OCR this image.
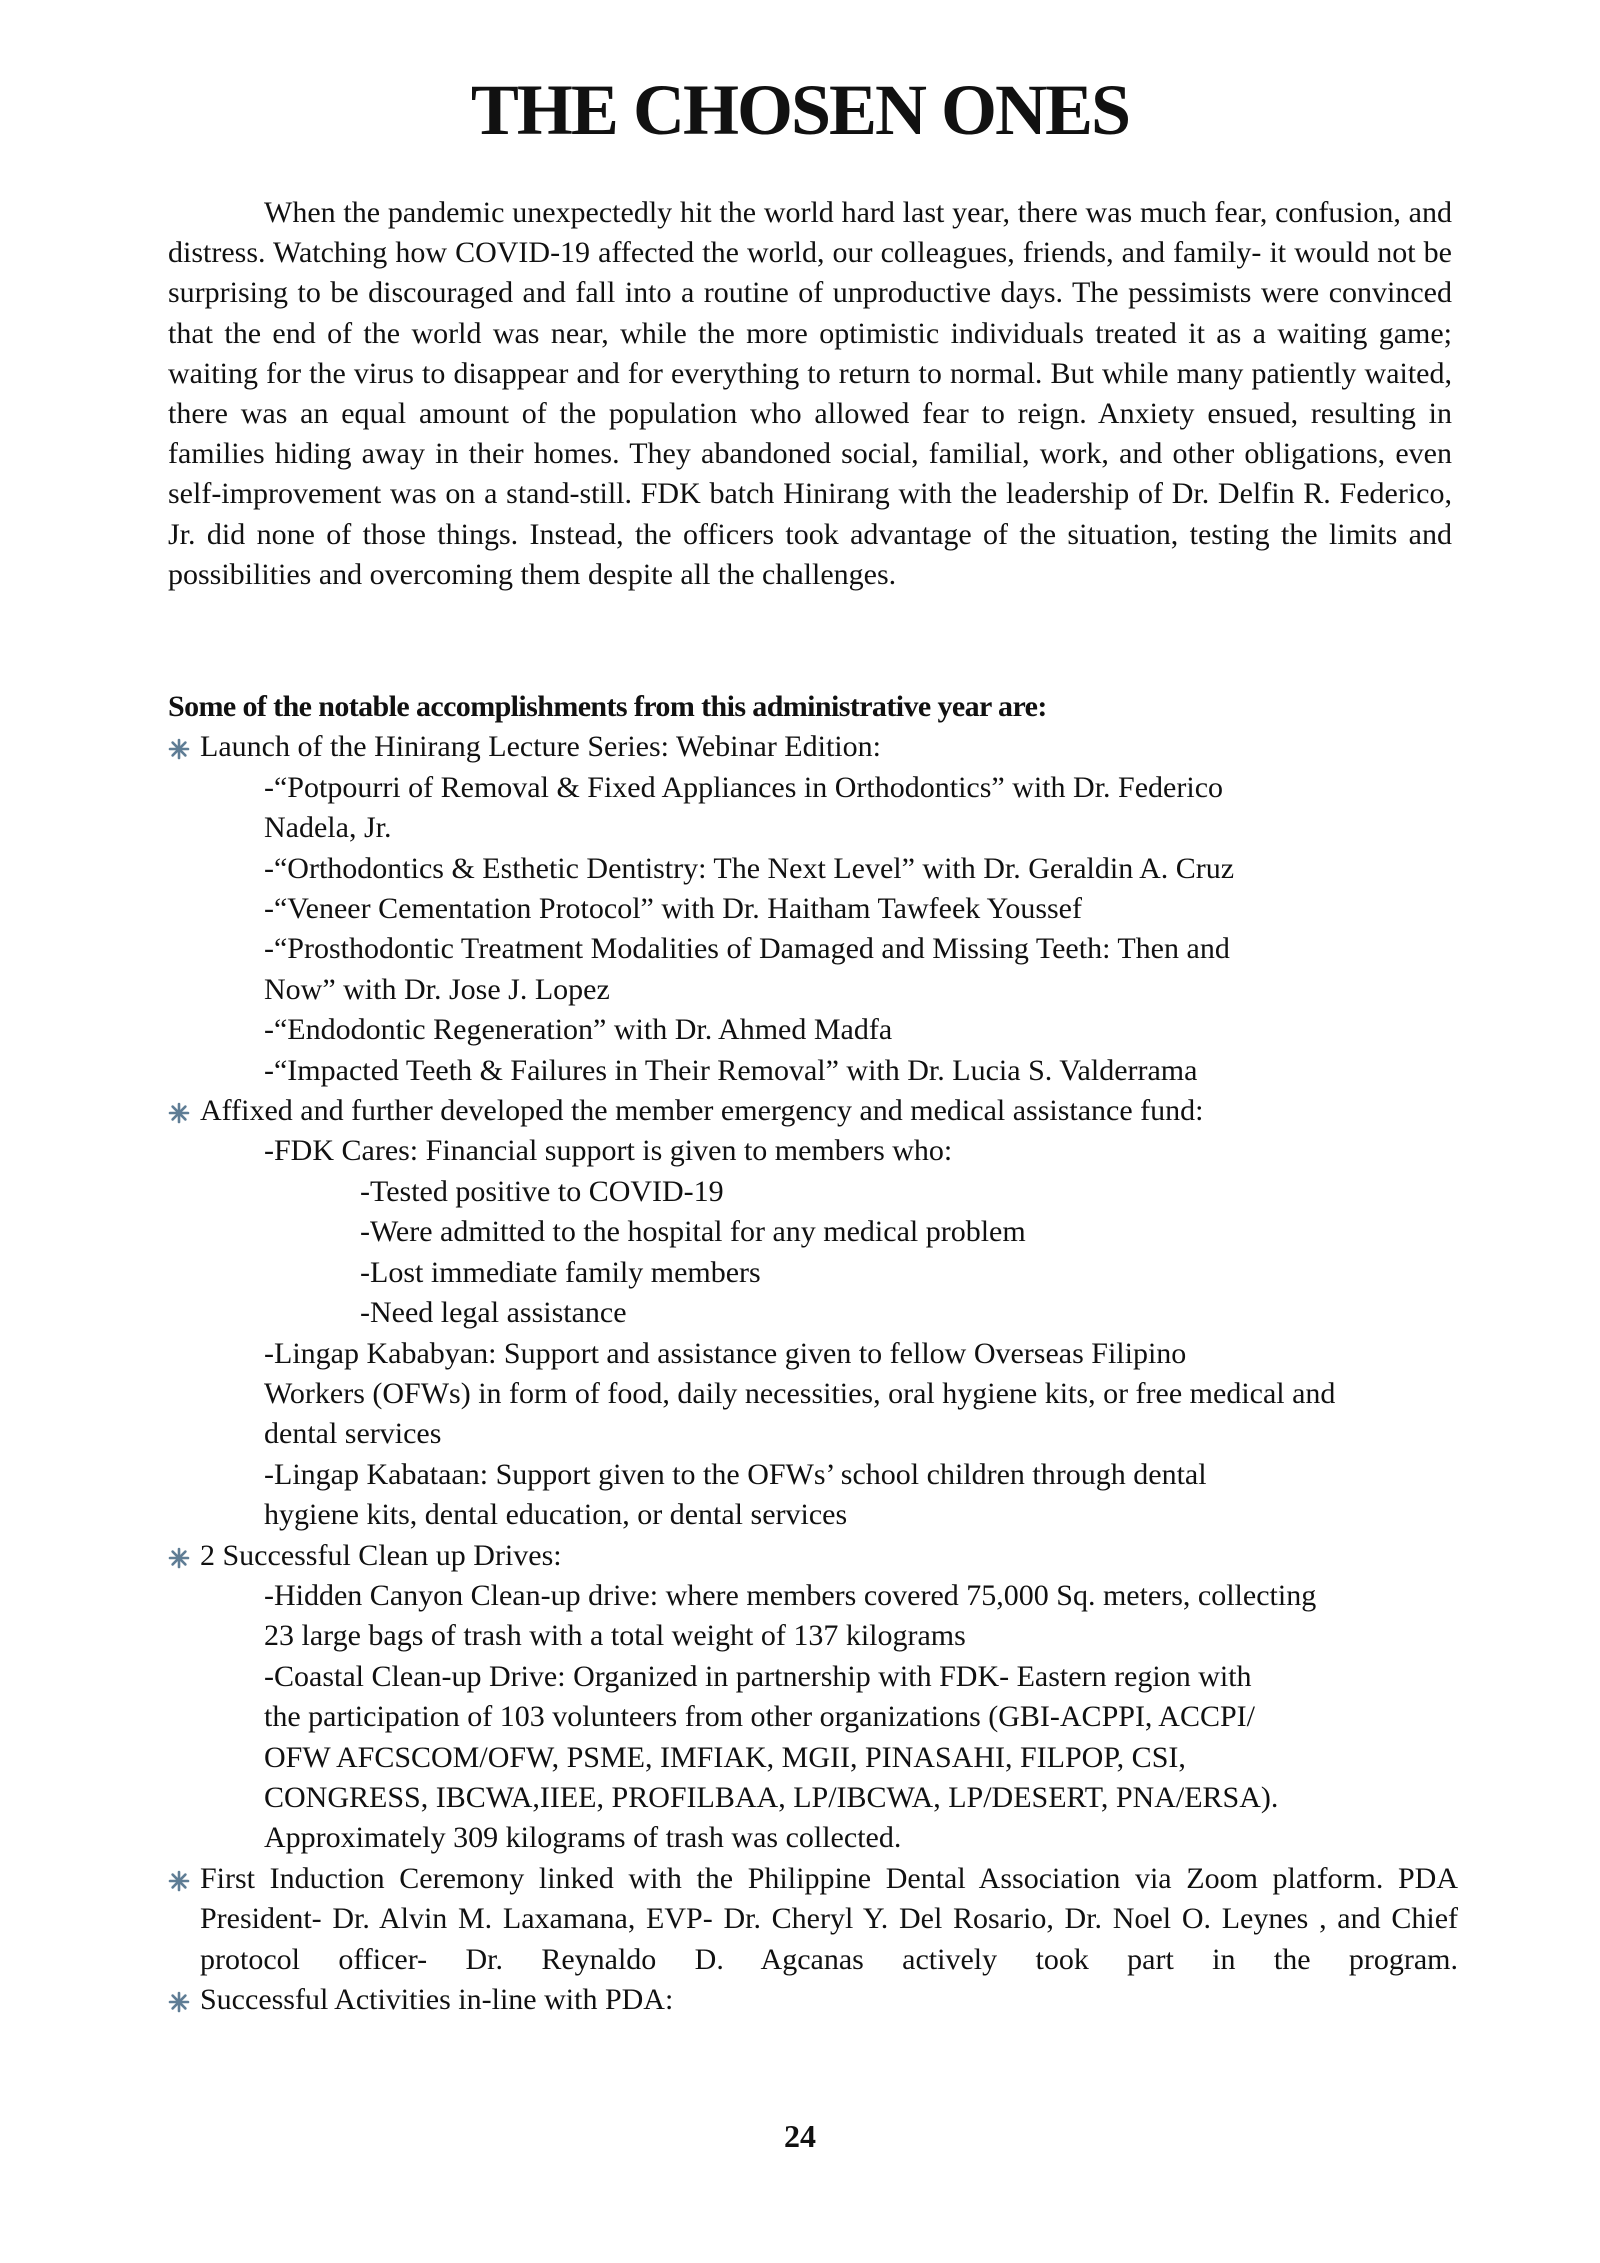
THE CHOSEN ONES

When the pandemic unexpectedly hit the world hard last year, there was much fear, confusion, and distress. Watching how COVID-19 affected the world, our colleagues, friends, and family- it would not be surprising to be discouraged and fall into a routine of unproductive days. The pessimists were convinced that the end of the world was near, while the more optimistic individuals treated it as a waiting game; waiting for the virus to disappear and for everything to return to normal. But while many patiently waited, there was an equal amount of the population who allowed fear to reign. Anxiety ensued, resulting in families hiding away in their homes. They abandoned social, familial, work, and other obligations, even self-improvement was on a stand-still. FDK batch Hinirang with the leadership of Dr. Delfin R. Federico, Jr. did none of those things. Instead, the officers took advantage of the situation, testing the limits and possibilities and overcoming them despite all the challenges.

Some of the notable accomplishments from this administrative year are:
Launch of the Hinirang Lecture Series: Webinar Edition:
-“Potpourri of Removal & Fixed Appliances in Orthodontics” with Dr. Federico
Nadela, Jr.
-“Orthodontics & Esthetic Dentistry: The Next Level” with Dr. Geraldin A. Cruz
-“Veneer Cementation Protocol” with Dr. Haitham Tawfeek Youssef
-“Prosthodontic Treatment Modalities of Damaged and Missing Teeth: Then and
Now” with Dr. Jose J. Lopez
-“Endodontic Regeneration” with Dr. Ahmed Madfa
-“Impacted Teeth & Failures in Their Removal” with Dr. Lucia S. Valderrama
Affixed and further developed the member emergency and medical assistance fund:
-FDK Cares: Financial support is given to members who:
-Tested positive to COVID-19
-Were admitted to the hospital for any medical problem
-Lost immediate family members
-Need legal assistance
-Lingap Kababyan: Support and assistance given to fellow Overseas Filipino
Workers (OFWs) in form of food, daily necessities, oral hygiene kits, or free medical and
dental services
-Lingap Kabataan: Support given to the OFWs’ school children through dental
hygiene kits, dental education, or dental services
2 Successful Clean up Drives:
-Hidden Canyon Clean-up drive: where members covered 75,000 Sq. meters, collecting
23 large bags of trash with a total weight of 137 kilograms
-Coastal Clean-up Drive: Organized in partnership with FDK- Eastern region with
the participation of 103 volunteers from other organizations (GBI-ACPPI, ACCPI/
OFW AFCSCOM/OFW, PSME, IMFIAK, MGII, PINASAHI, FILPOP, CSI,
CONGRESS, IBCWA,IIEE, PROFILBAA, LP/IBCWA, LP/DESERT, PNA/ERSA).
Approximately 309 kilograms of trash was collected.
First Induction Ceremony linked with the Philippine Dental Association via Zoom platform. PDA President- Dr. Alvin M. Laxamana, EVP- Dr. Cheryl Y. Del Rosario, Dr. Noel O. Leynes , and Chief protocol officer- Dr. Reynaldo D. Agcanas actively took part in the program.
Successful Activities in-line with PDA:
24
